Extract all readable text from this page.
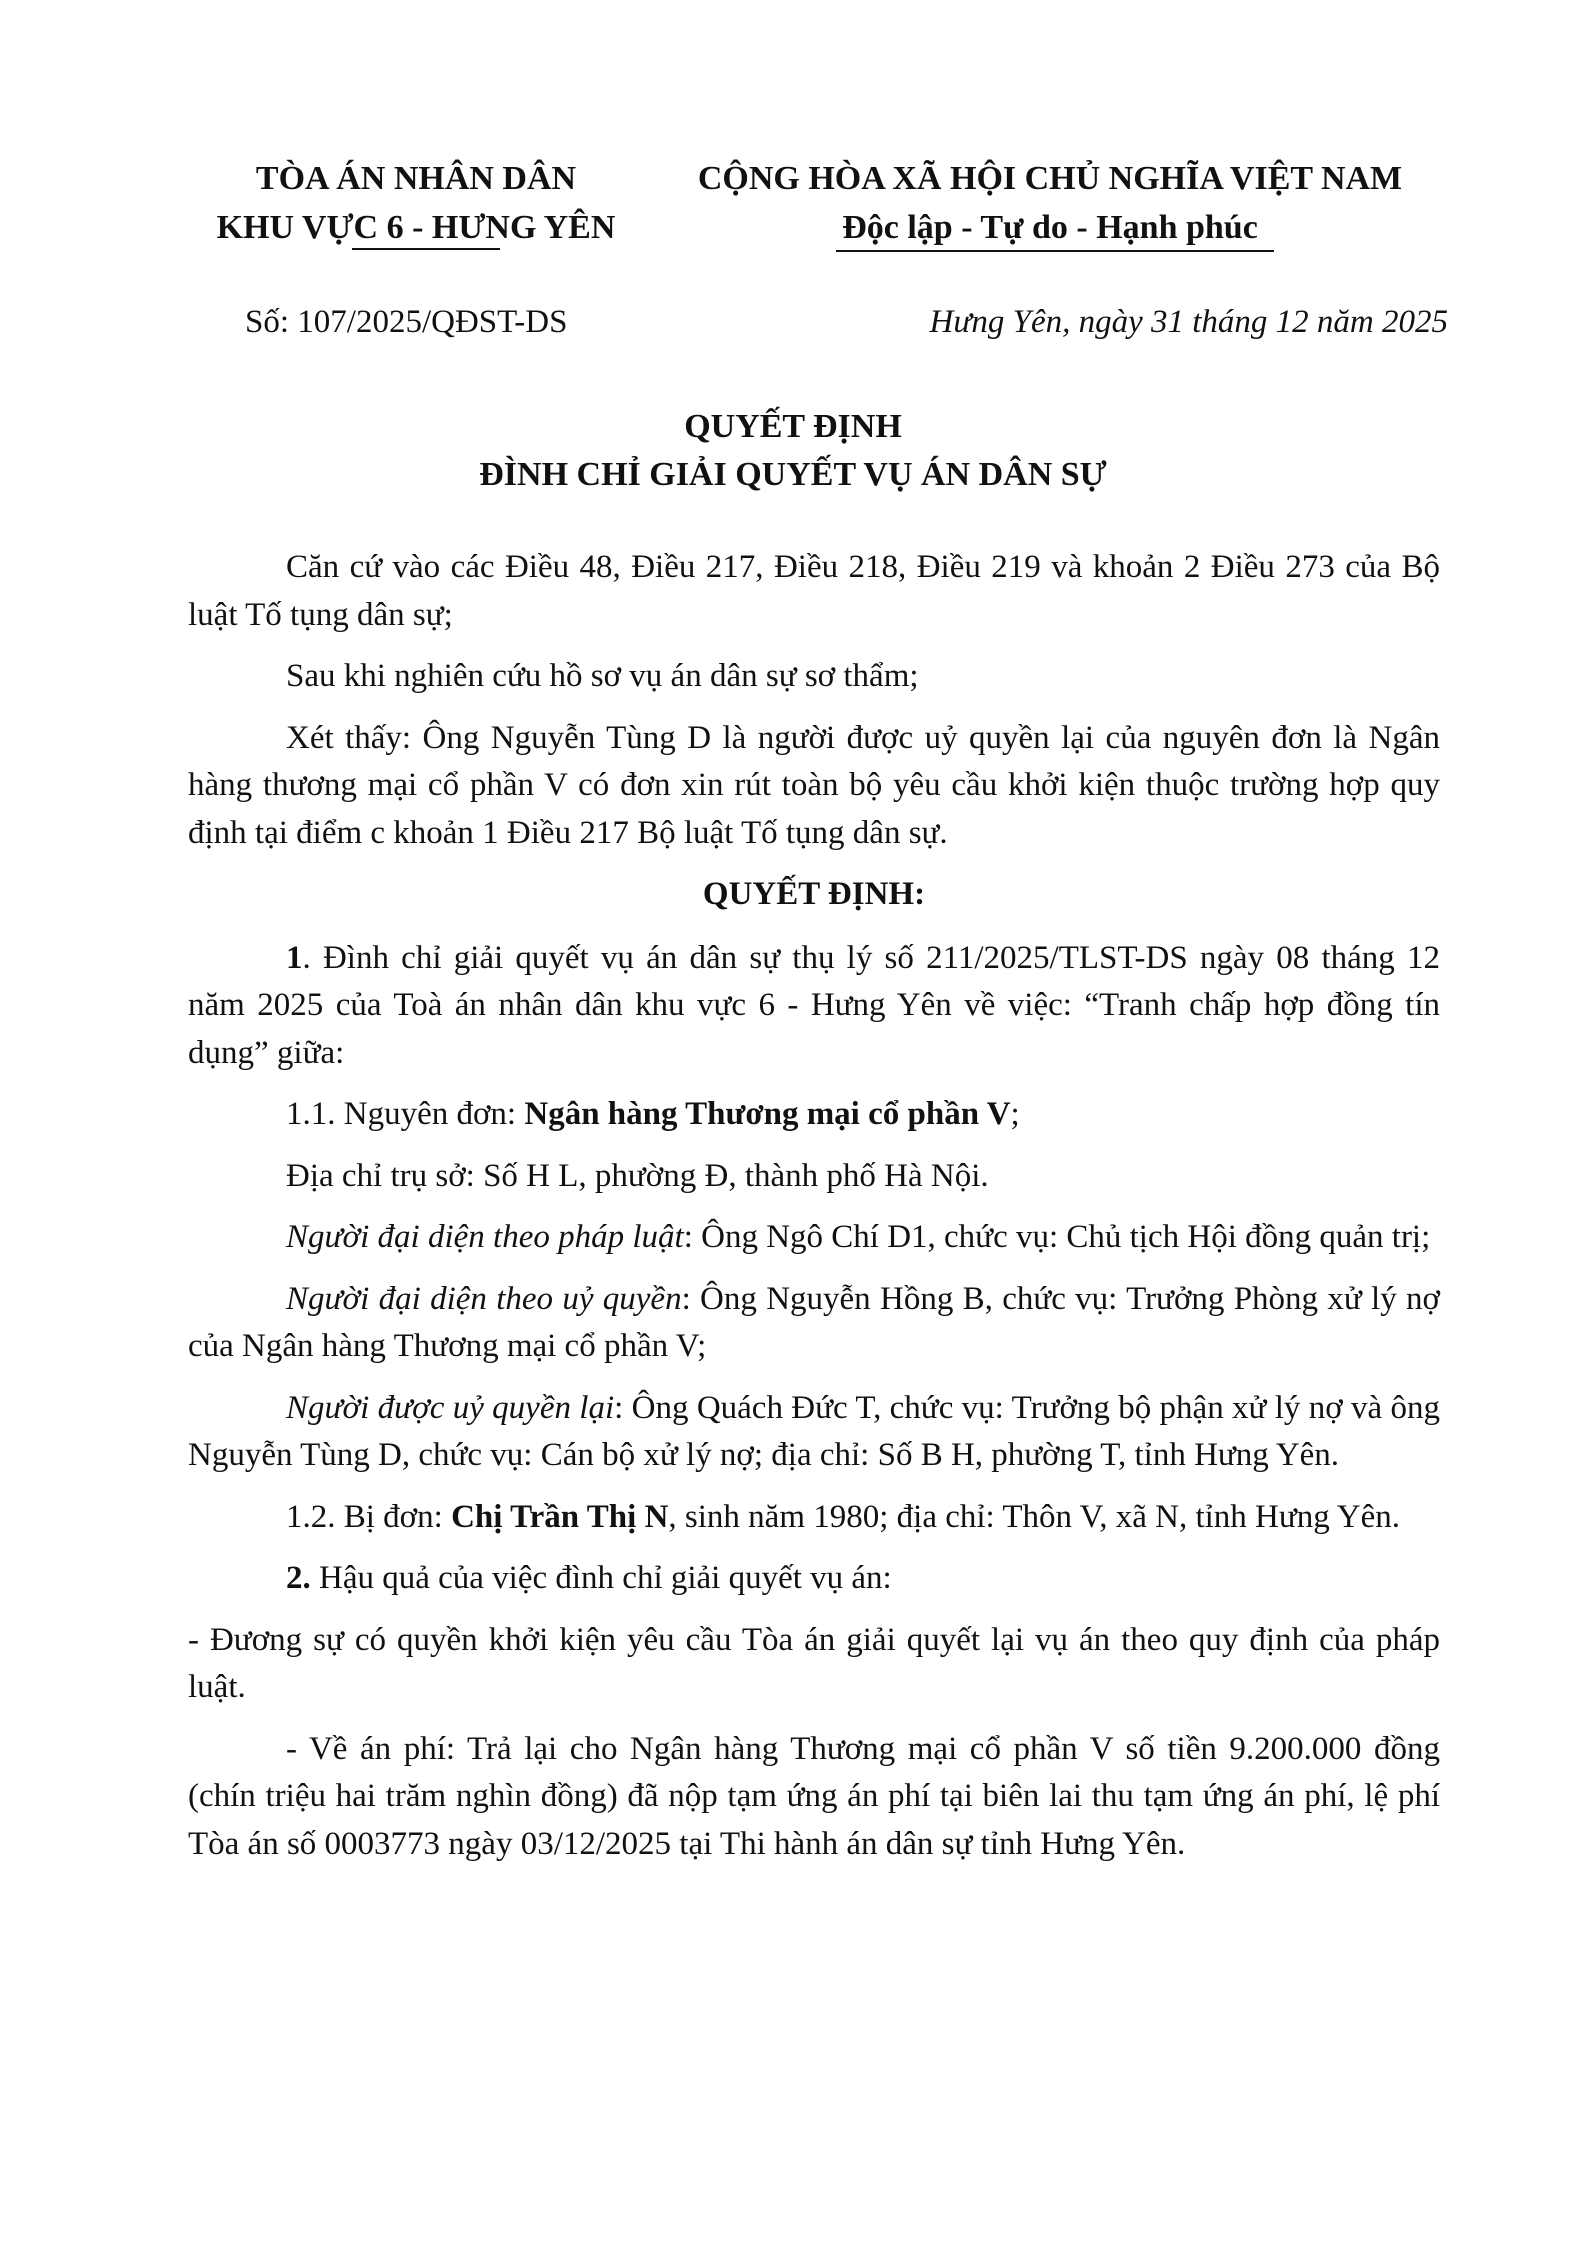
TÒA ÁN NHÂN DÂN
KHU VỰC 6 - HƯNG YÊN
CỘNG HÒA XÃ HỘI CHỦ NGHĨA VIỆT NAM
Độc lập - Tự do - Hạnh phúc
Số: 107/2025/QĐST-DS	Hưng Yên, ngày 31 tháng 12 năm 2025
QUYẾT ĐỊNH
ĐÌNH CHỈ GIẢI QUYẾT VỤ ÁN DÂN SỰ

Căn cứ vào các Điều 48, Điều 217, Điều 218, Điều 219 và khoản 2 Điều 273 của Bộ luật Tố tụng dân sự;

Sau khi nghiên cứu hồ sơ vụ án dân sự sơ thẩm;

Xét thấy: Ông Nguyễn Tùng D là người được uỷ quyền lại của nguyên đơn là Ngân hàng thương mại cổ phần V có đơn xin rút toàn bộ yêu cầu khởi kiện thuộc trường hợp quy định tại điểm c khoản 1 Điều 217 Bộ luật Tố tụng dân sự.

QUYẾT ĐỊNH:

1. Đình chỉ giải quyết vụ án dân sự thụ lý số 211/2025/TLST-DS ngày 08 tháng 12 năm 2025 của Toà án nhân dân khu vực 6 - Hưng Yên về việc: “Tranh chấp hợp đồng tín dụng” giữa:

1.1. Nguyên đơn: Ngân hàng Thương mại cổ phần V;

Địa chỉ trụ sở: Số H L, phường Đ, thành phố Hà Nội.

Người đại diện theo pháp luật: Ông Ngô Chí D1, chức vụ: Chủ tịch Hội đồng quản trị;

Người đại diện theo uỷ quyền: Ông Nguyễn Hồng B, chức vụ: Trưởng Phòng xử lý nợ của Ngân hàng Thương mại cổ phần V;

Người được uỷ quyền lại: Ông Quách Đức T, chức vụ: Trưởng bộ phận xử lý nợ và ông Nguyễn Tùng D, chức vụ: Cán bộ xử lý nợ; địa chỉ: Số B H, phường T, tỉnh Hưng Yên.

1.2. Bị đơn: Chị Trần Thị N, sinh năm 1980; địa chỉ: Thôn V, xã N, tỉnh Hưng Yên.

2. Hậu quả của việc đình chỉ giải quyết vụ án:

- Đương sự có quyền khởi kiện yêu cầu Tòa án giải quyết lại vụ án theo quy định của pháp luật.

- Về án phí: Trả lại cho Ngân hàng Thương mại cổ phần V số tiền 9.200.000 đồng (chín triệu hai trăm nghìn đồng) đã nộp tạm ứng án phí tại biên lai thu tạm ứng án phí, lệ phí Tòa án số 0003773 ngày 03/12/2025 tại Thi hành án dân sự tỉnh Hưng Yên.
